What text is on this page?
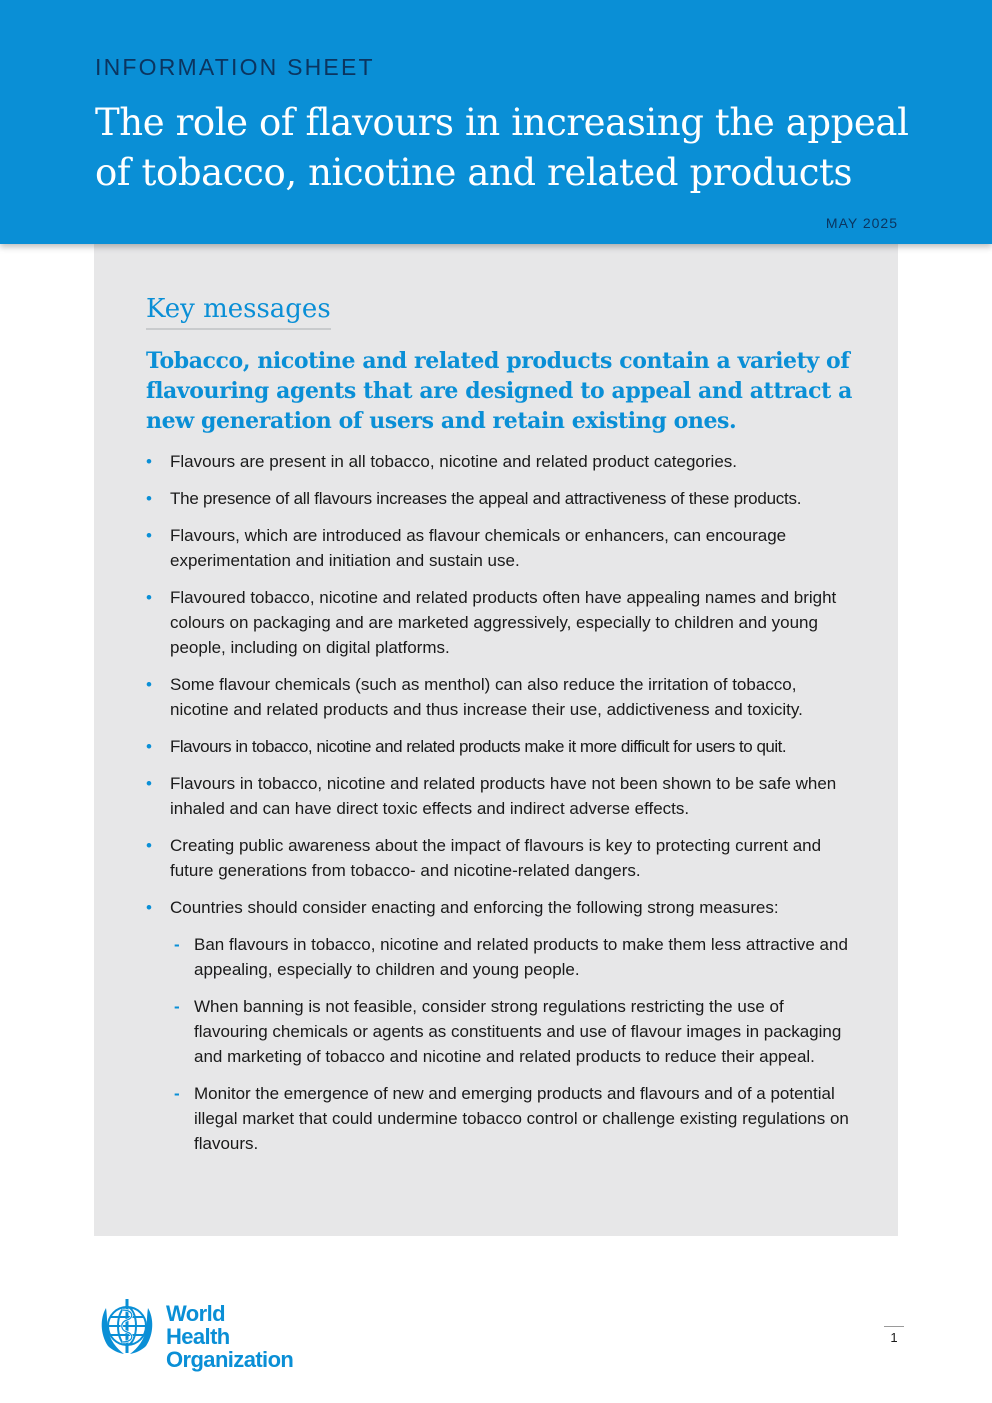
INFORMATION SHEET
The role of flavours in increasing the appeal of tobacco, nicotine and related products
MAY 2025
Key messages

Tobacco, nicotine and related products contain a variety of flavouring agents that are designed to appeal and attract a new generation of users and retain existing ones.

• Flavours are present in all tobacco, nicotine and related product categories.
• The presence of all flavours increases the appeal and attractiveness of these products.
• Flavours, which are introduced as flavour chemicals or enhancers, can encourage experimentation and initiation and sustain use.
• Flavoured tobacco, nicotine and related products often have appealing names and bright colours on packaging and are marketed aggressively, especially to children and young people, including on digital platforms.
• Some flavour chemicals (such as menthol) can also reduce the irritation of tobacco, nicotine and related products and thus increase their use, addictiveness and toxicity.
• Flavours in tobacco, nicotine and related products make it more difficult for users to quit.
• Flavours in tobacco, nicotine and related products have not been shown to be safe when inhaled and can have direct toxic effects and indirect adverse effects.
• Creating public awareness about the impact of flavours is key to protecting current and future generations from tobacco- and nicotine-related dangers.
• Countries should consider enacting and enforcing the following strong measures:
- Ban flavours in tobacco, nicotine and related products to make them less attractive and appealing, especially to children and young people.
- When banning is not feasible, consider strong regulations restricting the use of flavouring chemicals or agents as constituents and use of flavour images in packaging and marketing of tobacco and nicotine and related products to reduce their appeal.
- Monitor the emergence of new and emerging products and flavours and of a potential illegal market that could undermine tobacco control or challenge existing regulations on flavours.
World Health
Organization
1
